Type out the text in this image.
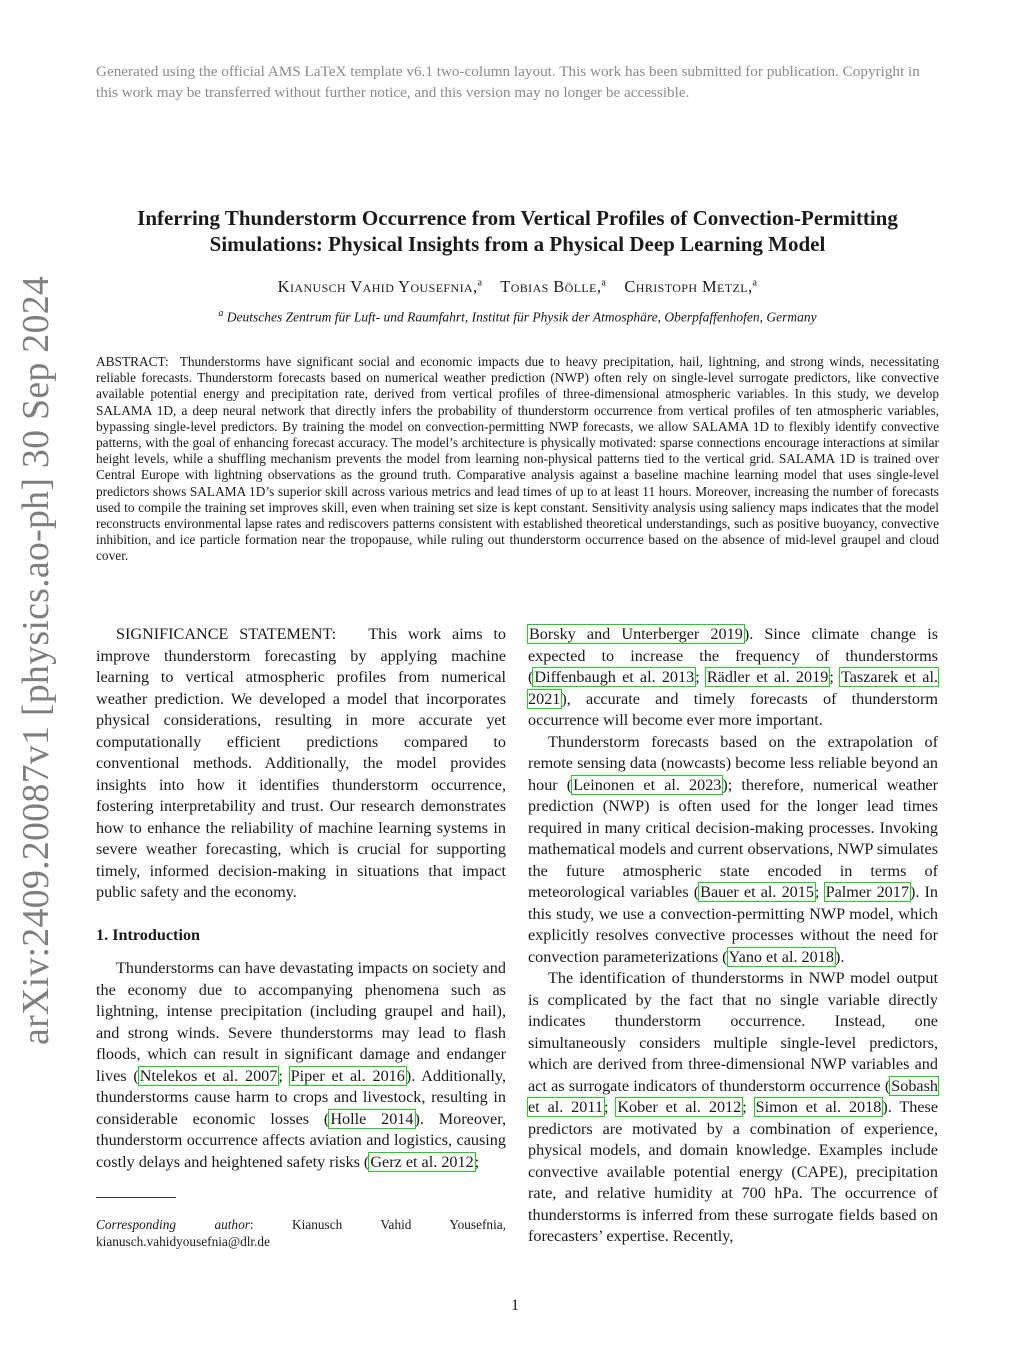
Generated using the official AMS LaTeX template v6.1 two-column layout. This work has been submitted for publication. Copyright in this work may be transferred without further notice, and this version may no longer be accessible.
arXiv:2409.20087v1 [physics.ao-ph] 30 Sep 2024
Inferring Thunderstorm Occurrence from Vertical Profiles of Convection-Permitting Simulations: Physical Insights from a Physical Deep Learning Model
Kianusch Vahid Yousefnia,$^a$ Tobias Bölle,$^a$ Christoph Metzl,$^a$
$^a$ Deutsches Zentrum für Luft- und Raumfahrt, Institut für Physik der Atmosphäre, Oberpfaffenhofen, Germany

ABSTRACT: Thunderstorms have significant social and economic impacts due to heavy precipitation, hail, lightning, and strong winds, necessitating reliable forecasts. Thunderstorm forecasts based on numerical weather prediction (NWP) often rely on single-level surrogate predictors, like convective available potential energy and precipitation rate, derived from vertical profiles of three-dimensional atmospheric variables. In this study, we develop SALAMA 1D, a deep neural network that directly infers the probability of thunderstorm occurrence from vertical profiles of ten atmospheric variables, bypassing single-level predictors. By training the model on convection-permitting NWP forecasts, we allow SALAMA 1D to flexibly identify convective patterns, with the goal of enhancing forecast accuracy. The model’s architecture is physically motivated: sparse connections encourage interactions at similar height levels, while a shuffling mechanism prevents the model from learning non-physical patterns tied to the vertical grid. SALAMA 1D is trained over Central Europe with lightning observations as the ground truth. Comparative analysis against a baseline machine learning model that uses single-level predictors shows SALAMA 1D’s superior skill across various metrics and lead times of up to at least 11 hours. Moreover, increasing the number of forecasts used to compile the training set improves skill, even when training set size is kept constant. Sensitivity analysis using saliency maps indicates that the model reconstructs environmental lapse rates and rediscovers patterns consistent with established theoretical understandings, such as positive buoyancy, convective inhibition, and ice particle formation near the tropopause, while ruling out thunderstorm occurrence based on the absence of mid-level graupel and cloud cover.

SIGNIFICANCE STATEMENT: This work aims to improve thunderstorm forecasting by applying machine learning to vertical atmospheric profiles from numerical weather prediction. We developed a model that incorporates physical considerations, resulting in more accurate yet computationally efficient predictions compared to conventional methods. Additionally, the model provides insights into how it identifies thunderstorm occurrence, fostering interpretability and trust. Our research demonstrates how to enhance the reliability of machine learning systems in severe weather forecasting, which is crucial for supporting timely, informed decision-making in situations that impact public safety and the economy.

1. Introduction

Thunderstorms can have devastating impacts on society and the economy due to accompanying phenomena such as lightning, intense precipitation (including graupel and hail), and strong winds. Severe thunderstorms may lead to flash floods, which can result in significant damage and endanger lives (Ntelekos et al. 2007; Piper et al. 2016). Additionally, thunderstorms cause harm to crops and livestock, resulting in considerable economic losses (Holle 2014). Moreover, thunderstorm occurrence affects aviation and logistics, causing costly delays and heightened safety risks (Gerz et al. 2012;

Borsky and Unterberger 2019). Since climate change is expected to increase the frequency of thunderstorms (Diffenbaugh et al. 2013; Rädler et al. 2019; Taszarek et al. 2021), accurate and timely forecasts of thunderstorm occurrence will become ever more important.

Thunderstorm forecasts based on the extrapolation of remote sensing data (nowcasts) become less reliable beyond an hour (Leinonen et al. 2023); therefore, numerical weather prediction (NWP) is often used for the longer lead times required in many critical decision-making processes. Invoking mathematical models and current observations, NWP simulates the future atmospheric state encoded in terms of meteorological variables (Bauer et al. 2015; Palmer 2017). In this study, we use a convection-permitting NWP model, which explicitly resolves convective processes without the need for convection parameterizations (Yano et al. 2018).

The identification of thunderstorms in NWP model output is complicated by the fact that no single variable directly indicates thunderstorm occurrence. Instead, one simultaneously considers multiple single-level predictors, which are derived from three-dimensional NWP variables and act as surrogate indicators of thunderstorm occurrence (Sobash et al. 2011; Kober et al. 2012; Simon et al. 2018). These predictors are motivated by a combination of experience, physical models, and domain knowledge. Examples include convective available potential energy (CAPE), precipitation rate, and relative humidity at 700 hPa. The occurrence of thunderstorms is inferred from these surrogate fields based on forecasters’ expertise. Recently,

Corresponding author: Kianusch Vahid Yousefnia, kianusch.vahidyousefnia@dlr.de

1
